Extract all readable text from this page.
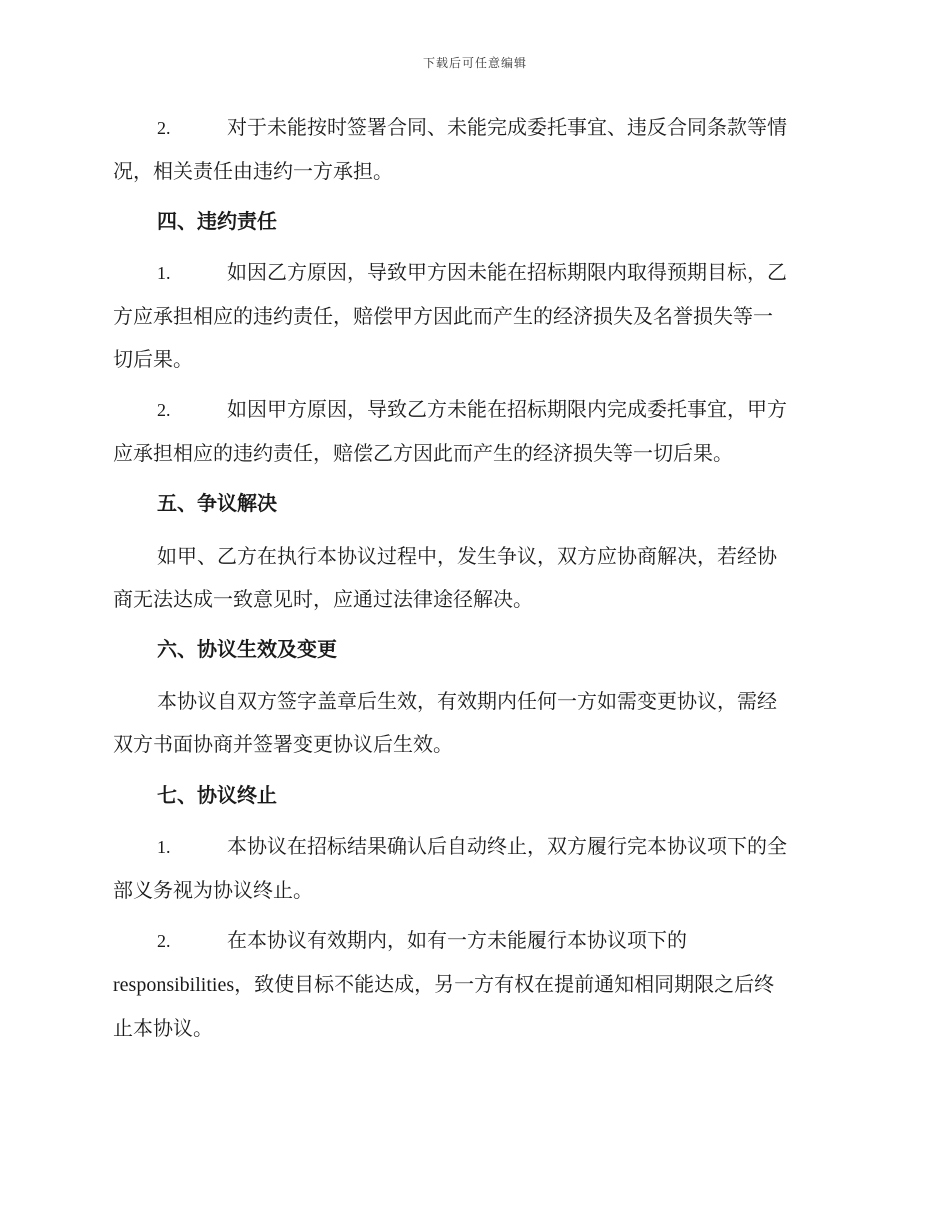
下载后可任意编辑

2.	对于未能按时签署合同、未能完成委托事宜、违反合同条款等情

况，相关责任由违约一方承担。

四、违约责任

1.	如因乙方原因，导致甲方因未能在招标期限内取得预期目标，乙

方应承担相应的违约责任，赔偿甲方因此而产生的经济损失及名誉损失等一

切后果。

2.	如因甲方原因，导致乙方未能在招标期限内完成委托事宜，甲方

应承担相应的违约责任，赔偿乙方因此而产生的经济损失等一切后果。

五、争议解决

如甲、乙方在执行本协议过程中，发生争议，双方应协商解决，若经协

商无法达成一致意见时，应通过法律途径解决。

六、协议生效及变更

本协议自双方签字盖章后生效，有效期内任何一方如需变更协议，需经

双方书面协商并签署变更协议后生效。

七、协议终止

1.	本协议在招标结果确认后自动终止，双方履行完本协议项下的全

部义务视为协议终止。

2.	在本协议有效期内，如有一方未能履行本协议项下的

responsibilities，致使目标不能达成，另一方有权在提前通知相同期限之后终

止本协议。
